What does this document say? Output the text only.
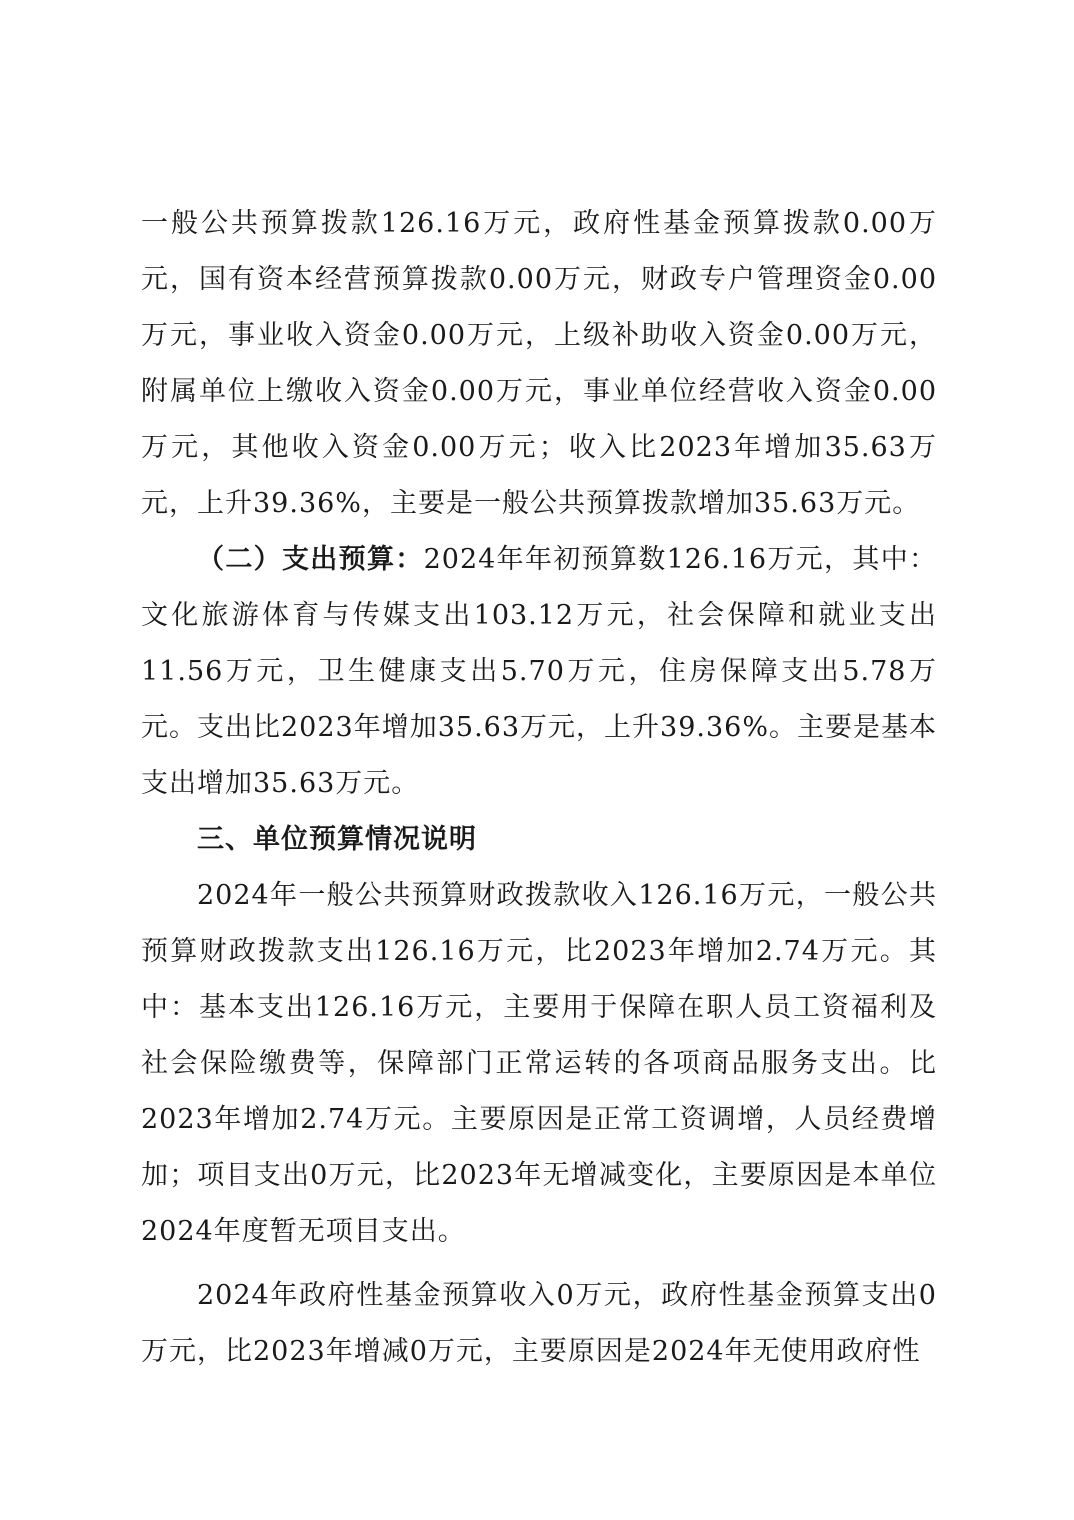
一般公共预算拨款126.16万元，政府性基金预算拨款0.00万元，国有资本经营预算拨款0.00万元，财政专户管理资金0.00万元，事业收入资金0.00万元，上级补助收入资金0.00万元，附属单位上缴收入资金0.00万元，事业单位经营收入资金0.00万元，其他收入资金0.00万元；收入比2023年增加35.63万元，上升39.36%，主要是一般公共预算拨款增加35.63万元。

（二）支出预算：2024年年初预算数126.16万元，其中：文化旅游体育与传媒支出103.12万元，社会保障和就业支出11.56万元，卫生健康支出5.70万元，住房保障支出5.78万元。支出比2023年增加35.63万元，上升39.36%。主要是基本支出增加35.63万元。

三、单位预算情况说明

2024年一般公共预算财政拨款收入126.16万元，一般公共预算财政拨款支出126.16万元，比2023年增加2.74万元。其中：基本支出126.16万元，主要用于保障在职人员工资福利及社会保险缴费等，保障部门正常运转的各项商品服务支出。比2023年增加2.74万元。主要原因是正常工资调增，人员经费增加；项目支出0万元，比2023年无增减变化，主要原因是本单位2024年度暂无项目支出。

2024年政府性基金预算收入0万元，政府性基金预算支出0万元，比2023年增减0万元，主要原因是2024年无使用政府性
